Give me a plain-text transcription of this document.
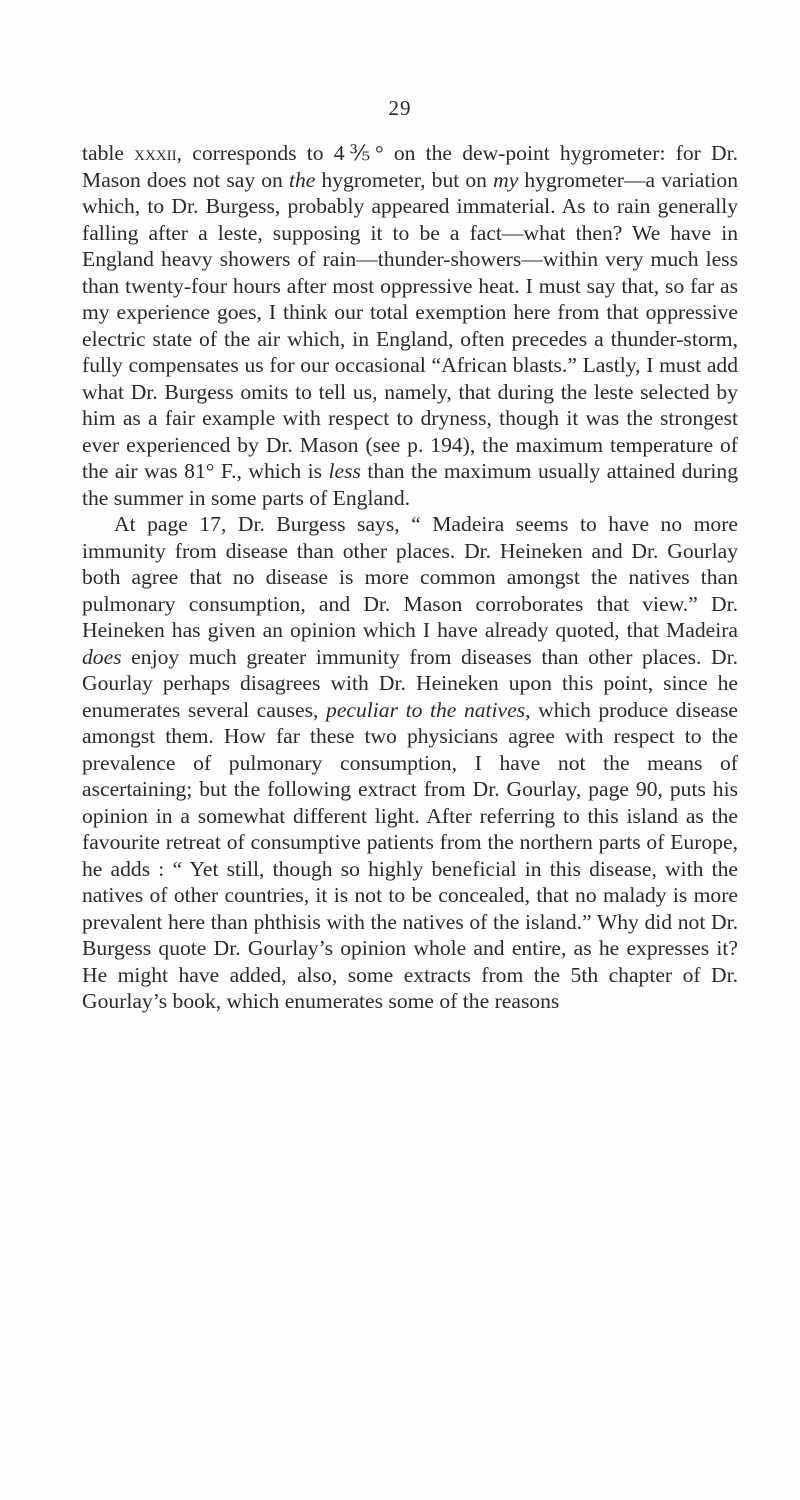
29

table xxxii, corresponds to 4⅗° on the dew-point hygrometer: for Dr. Mason does not say on the hygrometer, but on my hygrometer—a variation which, to Dr. Burgess, probably appeared immaterial. As to rain generally falling after a leste, supposing it to be a fact—what then? We have in England heavy showers of rain—thunder-showers—within very much less than twenty-four hours after most oppressive heat. I must say that, so far as my experience goes, I think our total exemption here from that oppressive electric state of the air which, in England, often precedes a thunder-storm, fully compensates us for our occasional “African blasts.” Lastly, I must add what Dr. Burgess omits to tell us, namely, that during the leste selected by him as a fair example with respect to dryness, though it was the strongest ever experienced by Dr. Mason (see p. 194), the maximum temperature of the air was 81° F., which is less than the maximum usually attained during the summer in some parts of England.

At page 17, Dr. Burgess says, “ Madeira seems to have no more immunity from disease than other places. Dr. Heineken and Dr. Gourlay both agree that no disease is more common amongst the natives than pulmonary consumption, and Dr. Mason corroborates that view.” Dr. Heineken has given an opinion which I have already quoted, that Madeira does enjoy much greater immunity from diseases than other places. Dr. Gourlay perhaps disagrees with Dr. Heineken upon this point, since he enumerates several causes, peculiar to the natives, which produce disease amongst them. How far these two physicians agree with respect to the prevalence of pulmonary consumption, I have not the means of ascertaining; but the following extract from Dr. Gourlay, page 90, puts his opinion in a somewhat different light. After referring to this island as the favourite retreat of consumptive patients from the northern parts of Europe, he adds : “ Yet still, though so highly beneficial in this disease, with the natives of other countries, it is not to be concealed, that no malady is more prevalent here than phthisis with the natives of the island.” Why did not Dr. Burgess quote Dr. Gourlay’s opinion whole and entire, as he expresses it? He might have added, also, some extracts from the 5th chapter of Dr. Gourlay’s book, which enumerates some of the reasons
